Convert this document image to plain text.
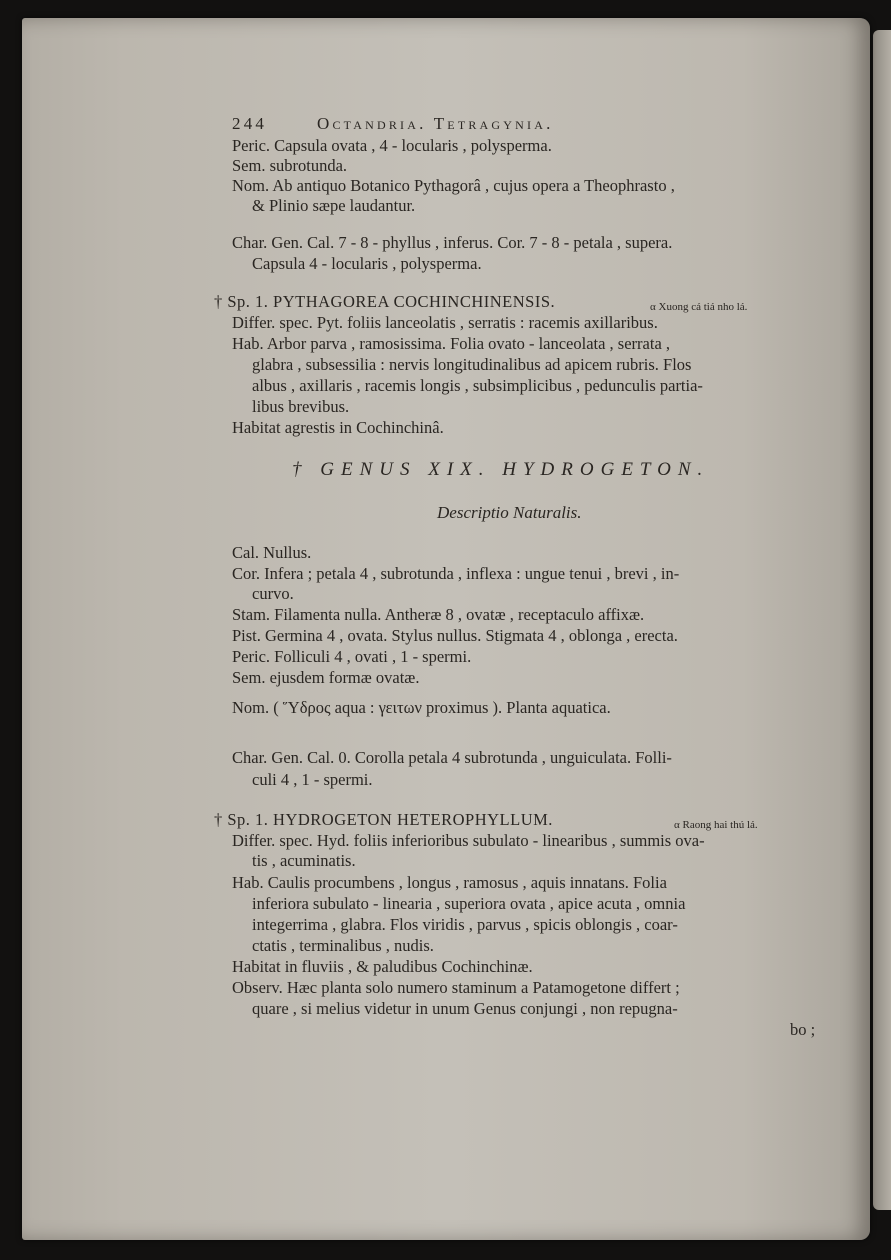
244	Octandria. Tetragynia.
Peric. Capsula ovata , 4 - locularis , polysperma.
Sem. subrotunda.
Nom. Ab antiquo Botanico Pythagorâ , cujus opera a Theophrasto ,
& Plinio sæpe laudantur.
Char. Gen. Cal. 7 - 8 - phyllus , inferus. Cor. 7 - 8 - petala , supera.
Capsula 4 - locularis , polysperma.
† Sp. 1. PYTHAGOREA COCHINCHINENSIS.	α Xuong cá tiá nho lá.
Differ. spec. Pyt. foliis lanceolatis , serratis : racemis axillaribus.
Hab. Arbor parva , ramosissima. Folia ovato - lanceolata , serrata ,
glabra , subsessilia : nervis longitudinalibus ad apicem rubris. Flos
albus , axillaris , racemis longis , subsimplicibus , pedunculis partia-
libus brevibus.
Habitat agrestis in Cochinchinâ.
† GENUS XIX. HYDROGETON.
Descriptio Naturalis.
Cal. Nullus.
Cor. Infera ; petala 4 , subrotunda , inflexa : ungue tenui , brevi , in-
curvo.
Stam. Filamenta nulla. Antheræ 8 , ovatæ , receptaculo affixæ.
Pist. Germina 4 , ovata. Stylus nullus. Stigmata 4 , oblonga , erecta.
Peric. Folliculi 4 , ovati , 1 - spermi.
Sem. ejusdem formæ ovatæ.
Nom. ( Ὕδρος aqua : γειτων proximus ). Planta aquatica.
Char. Gen. Cal. 0. Corolla petala 4 subrotunda , unguiculata. Folli-
culi 4 , 1 - spermi.
† Sp. 1. HYDROGETON HETEROPHYLLUM.	α Raong hai thú lá.
Differ. spec. Hyd. foliis inferioribus subulato - linearibus , summis ova-
tis , acuminatis.
Hab. Caulis procumbens , longus , ramosus , aquis innatans. Folia
inferiora subulato - linearia , superiora ovata , apice acuta , omnia
integerrima , glabra. Flos viridis , parvus , spicis oblongis , coar-
ctatis , terminalibus , nudis.
Habitat in fluviis , & paludibus Cochinchinæ.
Observ. Hæc planta solo numero staminum a Patamogetone differt ;
quare , si melius videtur in unum Genus conjungi , non repugna-
bo ;
